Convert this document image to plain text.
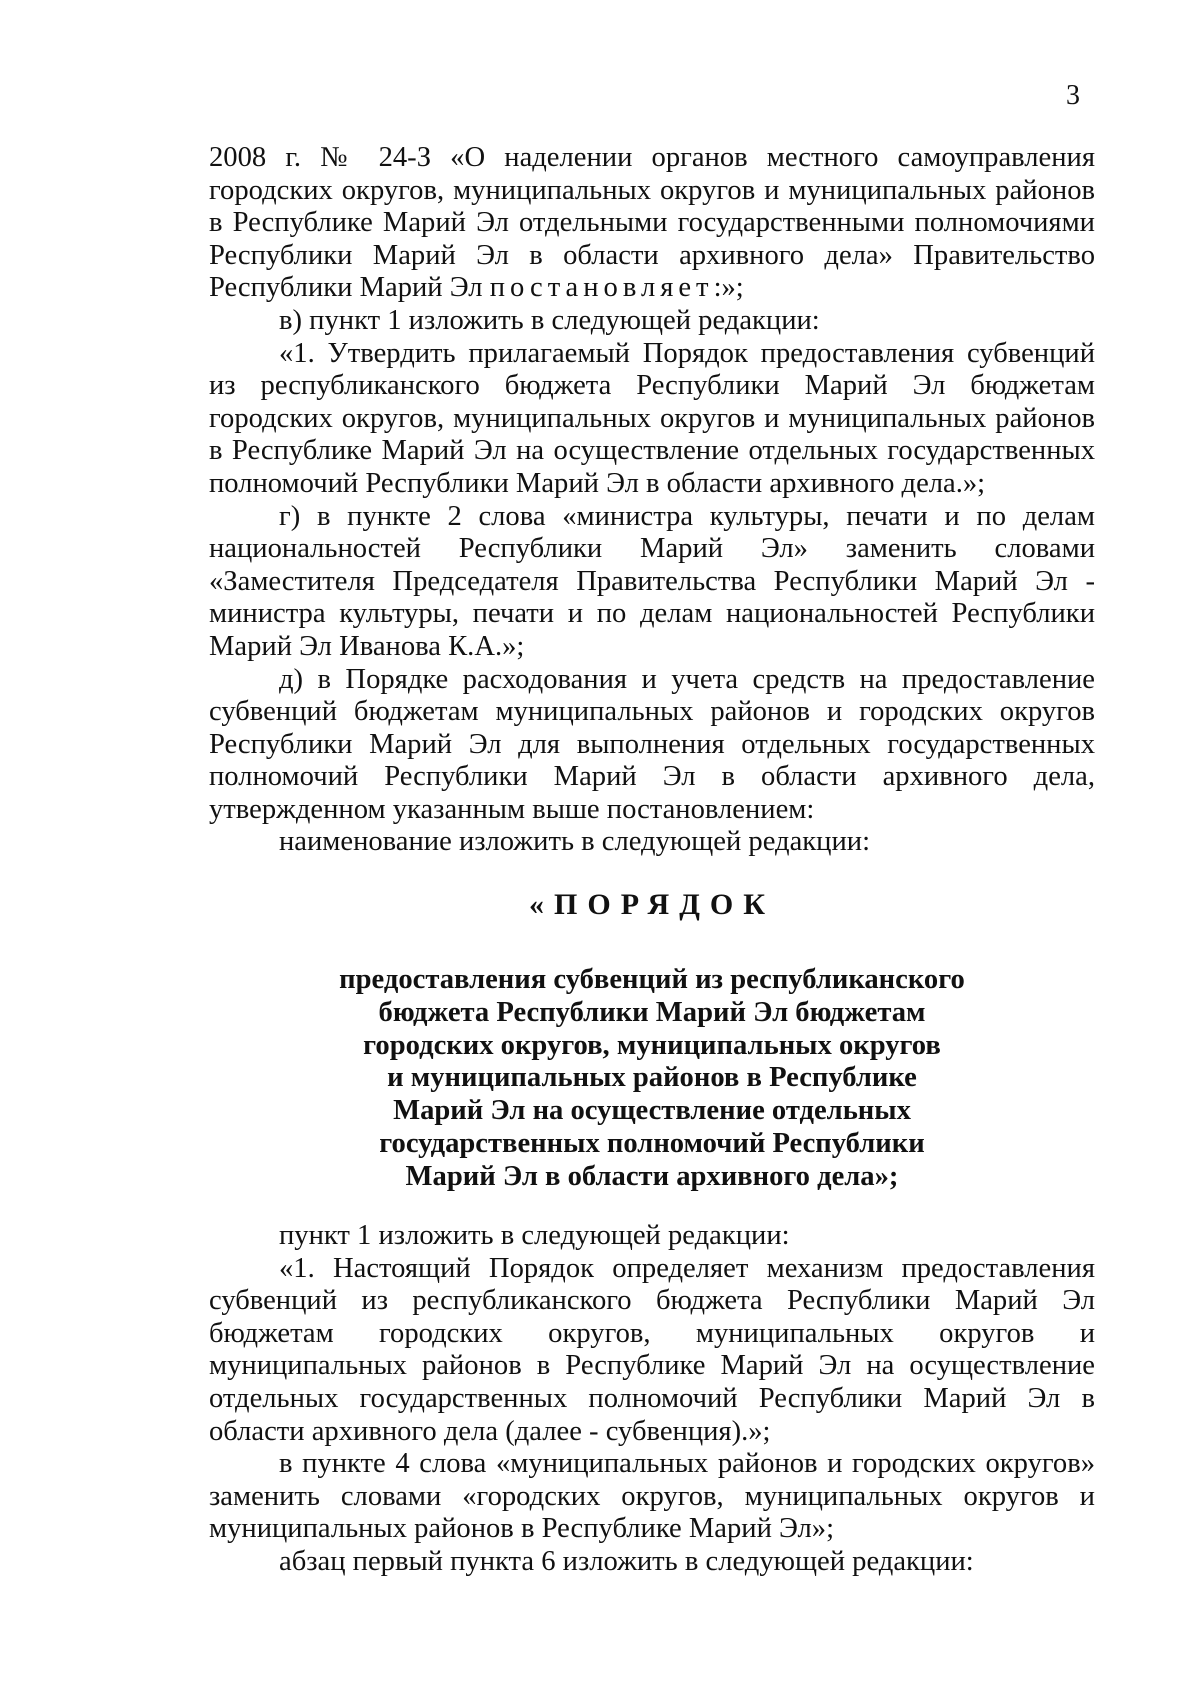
3

2008 г. № 24-З «О наделении органов местного самоуправления городских округов, муниципальных округов и муниципальных районов в Республике Марий Эл отдельными государственными полномочиями Республики Марий Эл в области архивного дела» Правительство Республики Марий Эл постановляет:»;

в) пункт 1 изложить в следующей редакции:

«1. Утвердить прилагаемый Порядок предоставления субвенций из республиканского бюджета Республики Марий Эл бюджетам городских округов, муниципальных округов и муниципальных районов в Республике Марий Эл на осуществление отдельных государственных полномочий Республики Марий Эл в области архивного дела.»;

г) в пункте 2 слова «министра культуры, печати и по делам национальностей Республики Марий Эл» заменить словами «Заместителя Председателя Правительства Республики Марий Эл - министра культуры, печати и по делам национальностей Республики Марий Эл Иванова К.А.»;

д) в Порядке расходования и учета средств на предоставление субвенций бюджетам муниципальных районов и городских округов Республики Марий Эл для выполнения отдельных государственных полномочий Республики Марий Эл в области архивного дела, утвержденном указанным выше постановлением:

наименование изложить в следующей редакции:

«ПОРЯДОК

предоставления субвенций из республиканского
бюджета Республики Марий Эл бюджетам
городских округов, муниципальных округов
и муниципальных районов в Республике
Марий Эл на осуществление отдельных
государственных полномочий Республики
Марий Эл в области архивного дела»;

пункт 1 изложить в следующей редакции:

«1. Настоящий Порядок определяет механизм предоставления субвенций из республиканского бюджета Республики Марий Эл бюджетам городских округов, муниципальных округов и муниципальных районов в Республике Марий Эл на осуществление отдельных государственных полномочий Республики Марий Эл в области архивного дела (далее - субвенция).»;

в пункте 4 слова «муниципальных районов и городских округов» заменить словами «городских округов, муниципальных округов и муниципальных районов в Республике Марий Эл»;

абзац первый пункта 6 изложить в следующей редакции:
